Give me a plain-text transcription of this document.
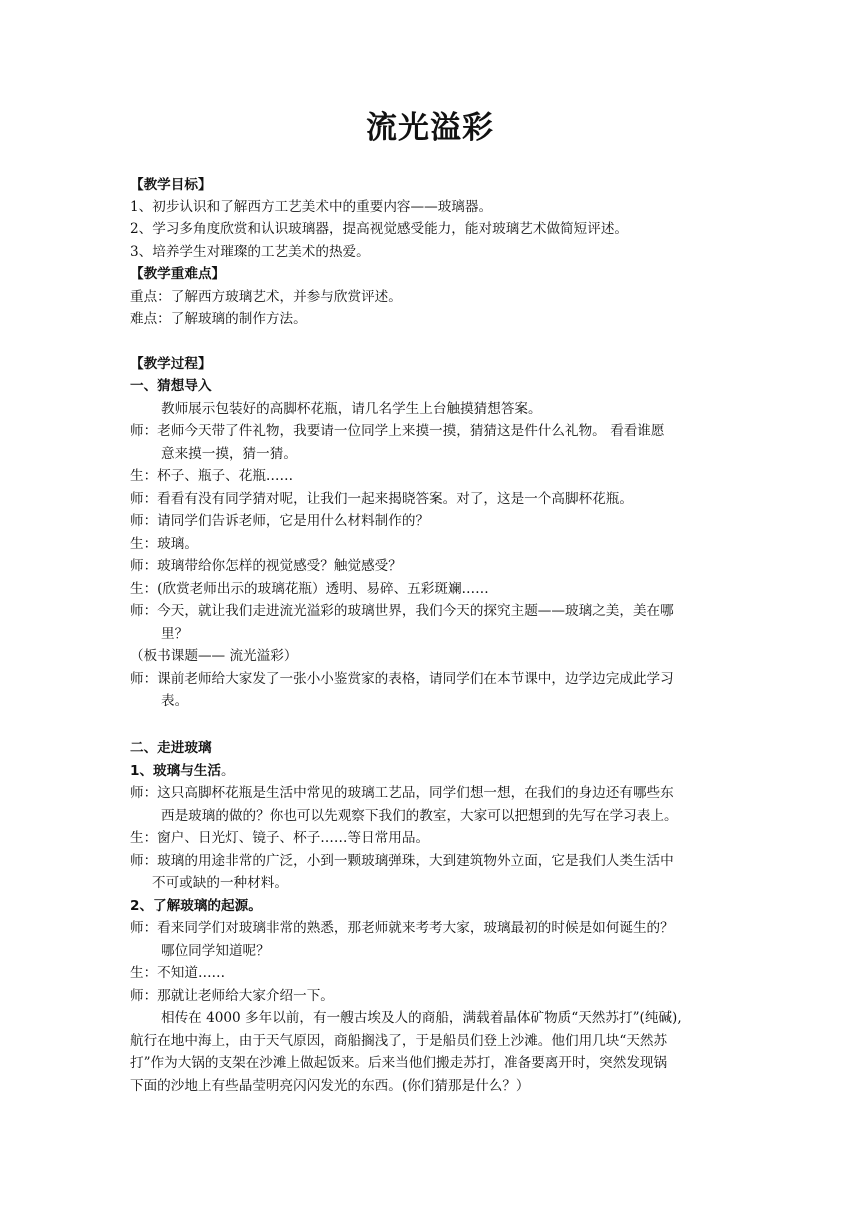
流光溢彩
【教学目标】
1、初步认识和了解西方工艺美术中的重要内容——玻璃器。
2、学习多角度欣赏和认识玻璃器，提高视觉感受能力，能对玻璃艺术做简短评述。
3、培养学生对璀璨的工艺美术的热爱。
【教学重难点】
重点：了解西方玻璃艺术，并参与欣赏评述。
难点：了解玻璃的制作方法。
【教学过程】
一、猜想导入
教师展示包装好的高脚杯花瓶，请几名学生上台触摸猜想答案。
师：老师今天带了件礼物，我要请一位同学上来摸一摸，猜猜这是件什么礼物。 看看谁愿
意来摸一摸，猜一猜。
生：杯子、瓶子、花瓶……
师：看看有没有同学猜对呢，让我们一起来揭晓答案。对了，这是一个高脚杯花瓶。
师：请同学们告诉老师，它是用什么材料制作的？
生：玻璃。
师：玻璃带给你怎样的视觉感受？触觉感受？
生：(欣赏老师出示的玻璃花瓶）透明、易碎、五彩斑斓……
师：今天，就让我们走进流光溢彩的玻璃世界，我们今天的探究主题——玻璃之美，美在哪
里？
（板书课题—— 流光溢彩）
师：课前老师给大家发了一张小小鉴赏家的表格，请同学们在本节课中，边学边完成此学习
表。
二、走进玻璃
1、玻璃与生活。
师：这只高脚杯花瓶是生活中常见的玻璃工艺品，同学们想一想，在我们的身边还有哪些东
西是玻璃的做的？你也可以先观察下我们的教室，大家可以把想到的先写在学习表上。
生：窗户、日光灯、镜子、杯子……等日常用品。
师：玻璃的用途非常的广泛，小到一颗玻璃弹珠，大到建筑物外立面，它是我们人类生活中
不可或缺的一种材料。
2、了解玻璃的起源。
师：看来同学们对玻璃非常的熟悉，那老师就来考考大家，玻璃最初的时候是如何诞生的？
哪位同学知道呢？
生：不知道……
师：那就让老师给大家介绍一下。
相传在 4000 多年以前，有一艘古埃及人的商船，满载着晶体矿物质“天然苏打”(纯碱),
航行在地中海上，由于天气原因，商船搁浅了，于是船员们登上沙滩。他们用几块“天然苏
打”作为大锅的支架在沙滩上做起饭来。后来当他们搬走苏打，准备要离开时，突然发现锅
下面的沙地上有些晶莹明亮闪闪发光的东西。(你们猜那是什么？）
